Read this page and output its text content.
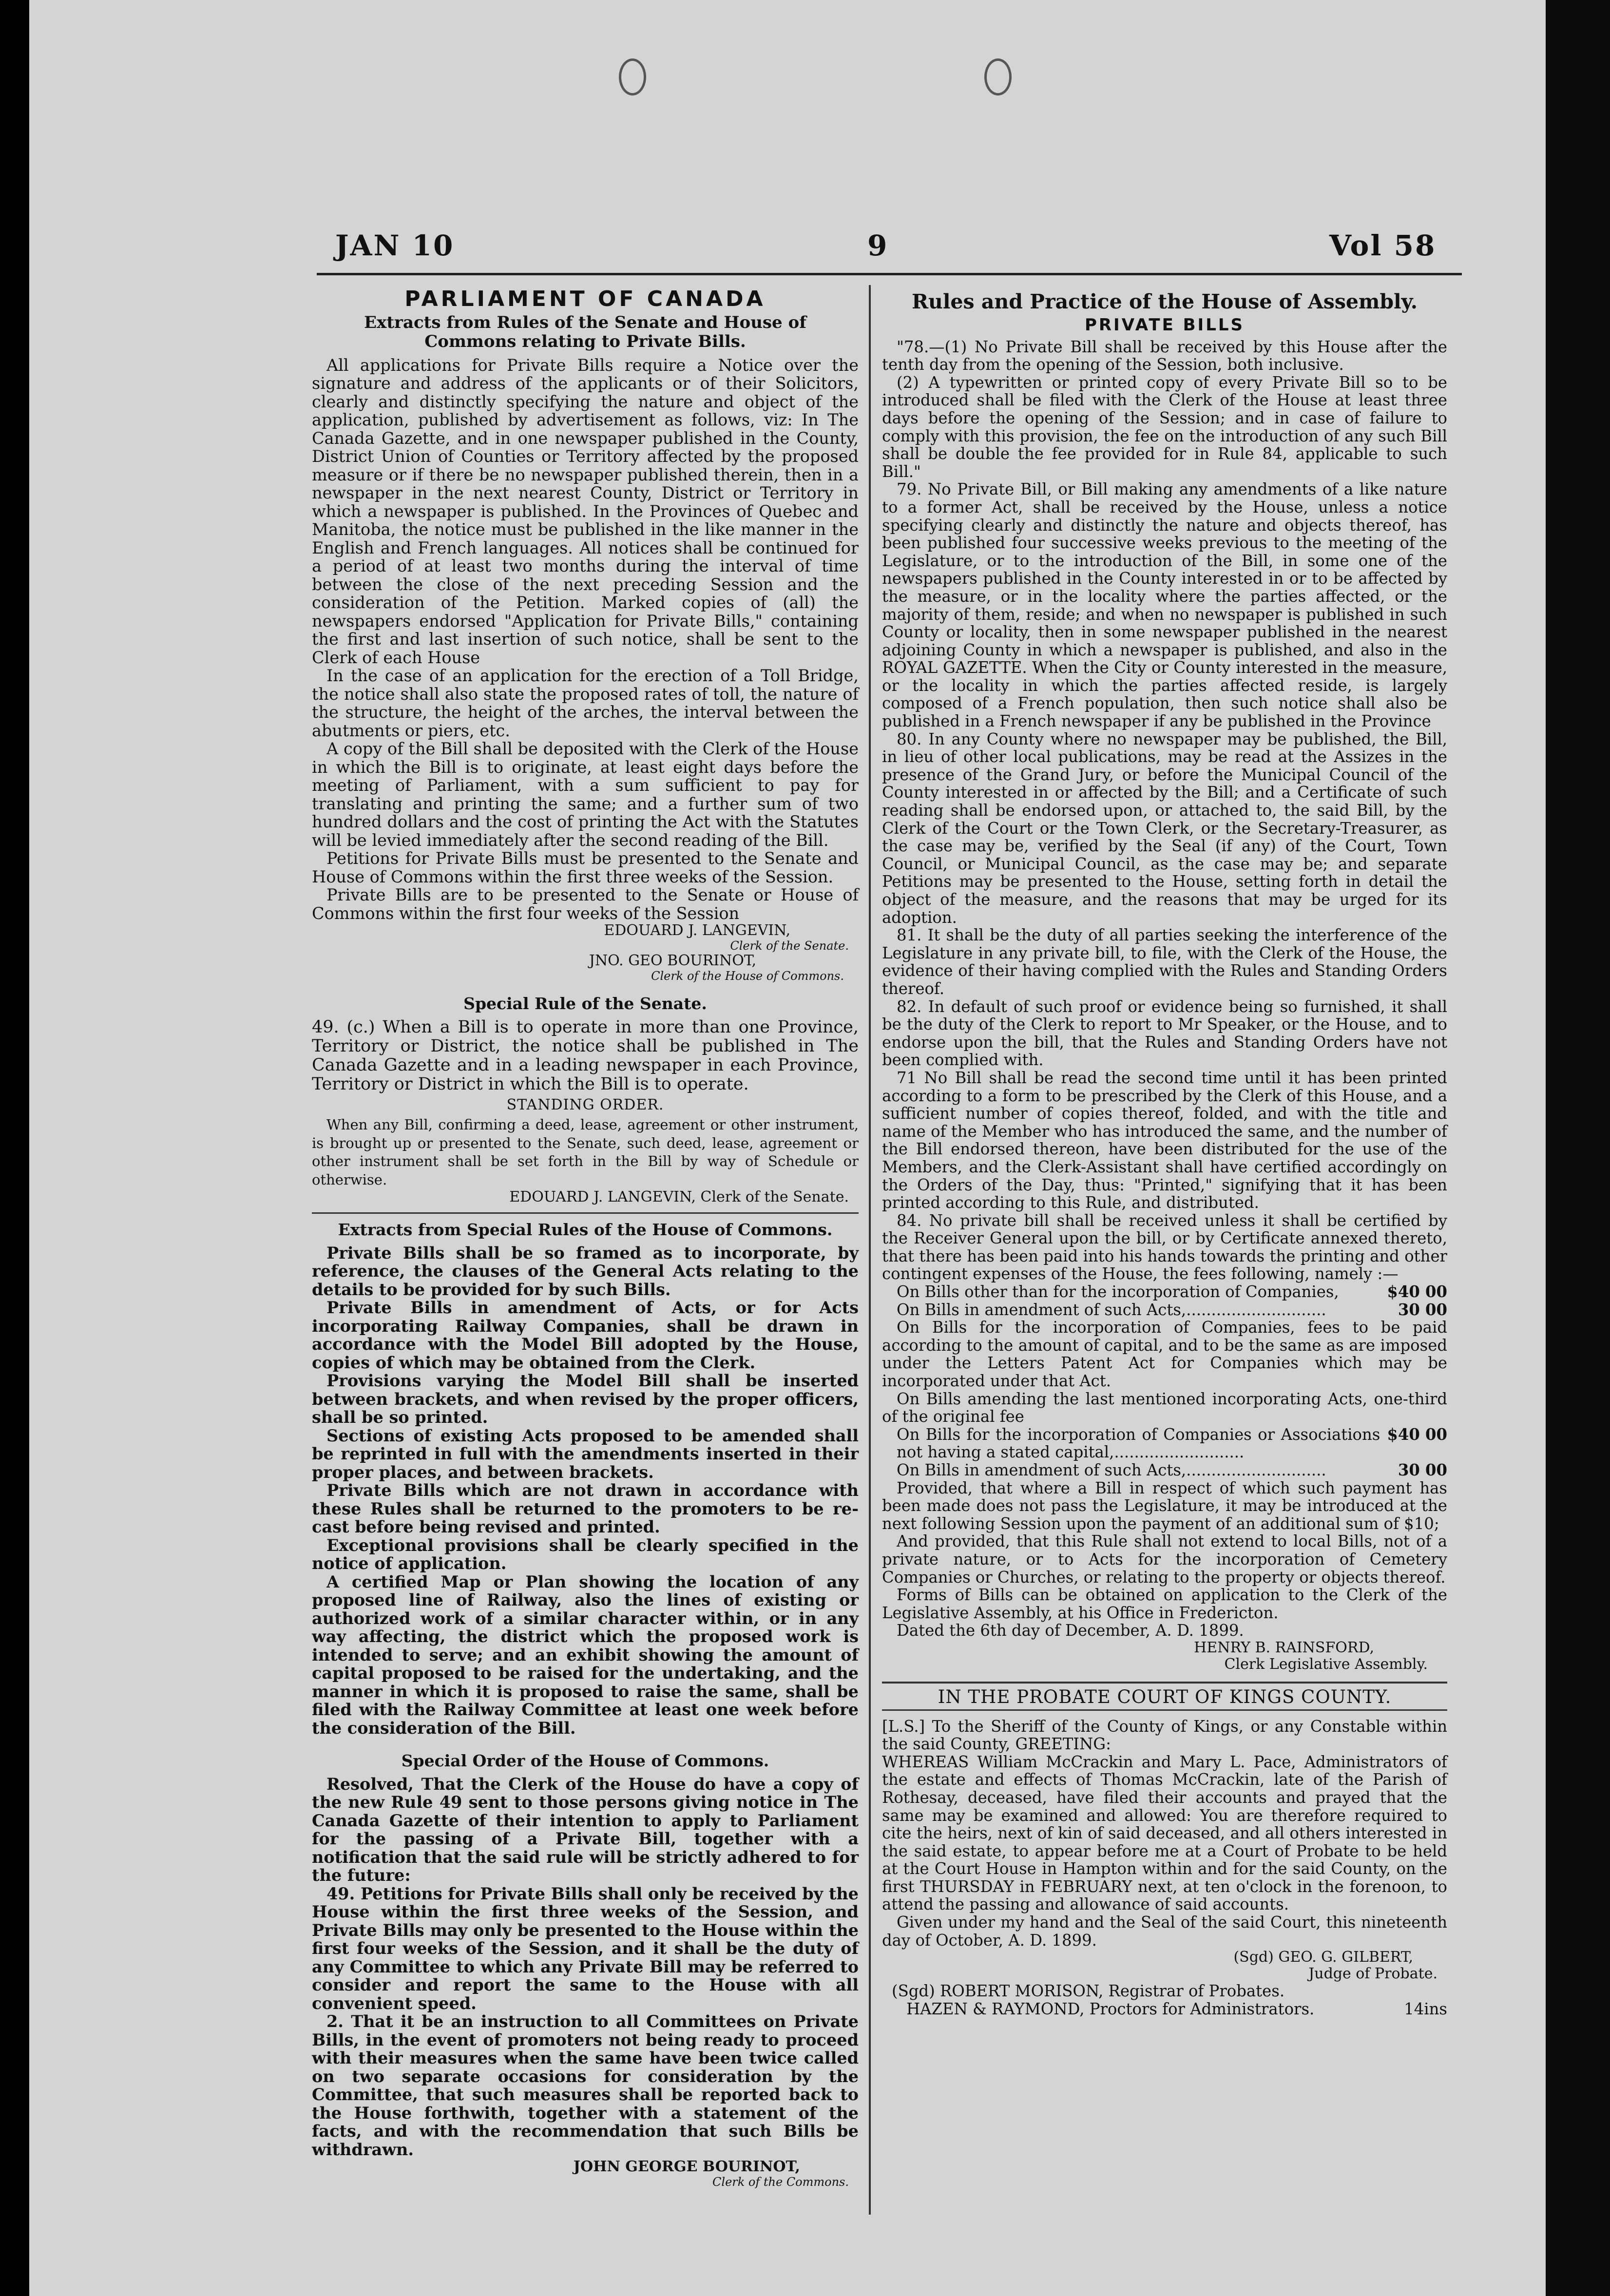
JAN 10	9	Vol 58
PARLIAMENT OF CANADA
Extracts from Rules of the Senate and House of Commons relating to Private Bills.

All applications for Private Bills require a Notice over the signature and address of the applicants or of their Solicitors, clearly and distinctly specifying the nature and object of the application, published by advertisement as follows, viz: In The Canada Gazette, and in one newspaper published in the County, District Union of Counties or Territory affected by the proposed measure or if there be no newspaper published therein, then in a newspaper in the next nearest County, District or Territory in which a newspaper is published. In the Provinces of Quebec and Manitoba, the notice must be published in the like manner in the English and French languages. All notices shall be continued for a period of at least two months during the interval of time between the close of the next preceding Session and the consideration of the Petition. Marked copies of (all) the newspapers endorsed "Application for Private Bills," containing the first and last insertion of such notice, shall be sent to the Clerk of each House

In the case of an application for the erection of a Toll Bridge, the notice shall also state the proposed rates of toll, the nature of the structure, the height of the arches, the interval between the abutments or piers, etc.

A copy of the Bill shall be deposited with the Clerk of the House in which the Bill is to originate, at least eight days before the meeting of Parliament, with a sum sufficient to pay for translating and printing the same; and a further sum of two hundred dollars and the cost of printing the Act with the Statutes will be levied immediately after the second reading of the Bill.

Petitions for Private Bills must be presented to the Senate and House of Commons within the first three weeks of the Session.

Private Bills are to be presented to the Senate or House of Commons within the first four weeks of the Session

EDOUARD J. LANGEVIN,
Clerk of the Senate.
JNO. GEO BOURINOT,
Clerk of the House of Commons.
Special Rule of the Senate.

49. (c.) When a Bill is to operate in more than one Province, Territory or District, the notice shall be published in The Canada Gazette and in a leading newspaper in each Province, Territory or District in which the Bill is to operate.

STANDING ORDER.

When any Bill, confirming a deed, lease, agreement or other instrument, is brought up or presented to the Senate, such deed, lease, agreement or other instrument shall be set forth in the Bill by way of Schedule or otherwise.

EDOUARD J. LANGEVIN, Clerk of the Senate.
Extracts from Special Rules of the House of Commons.

Private Bills shall be so framed as to incorporate, by reference, the clauses of the General Acts relating to the details to be provided for by such Bills.

Private Bills in amendment of Acts, or for Acts incorporating Railway Companies, shall be drawn in accordance with the Model Bill adopted by the House, copies of which may be obtained from the Clerk.

Provisions varying the Model Bill shall be inserted between brackets, and when revised by the proper officers, shall be so printed.

Sections of existing Acts proposed to be amended shall be reprinted in full with the amendments inserted in their proper places, and between brackets.

Private Bills which are not drawn in accordance with these Rules shall be returned to the promoters to be re-cast before being revised and printed.

Exceptional provisions shall be clearly specified in the notice of application.

A certified Map or Plan showing the location of any proposed line of Railway, also the lines of existing or authorized work of a similar character within, or in any way affecting, the district which the proposed work is intended to serve; and an exhibit showing the amount of capital proposed to be raised for the undertaking, and the manner in which it is proposed to raise the same, shall be filed with the Railway Committee at least one week before the consideration of the Bill.

Special Order of the House of Commons.

Resolved, That the Clerk of the House do have a copy of the new Rule 49 sent to those persons giving notice in The Canada Gazette of their intention to apply to Parliament for the passing of a Private Bill, together with a notification that the said rule will be strictly adhered to for the future:

49. Petitions for Private Bills shall only be received by the House within the first three weeks of the Session, and Private Bills may only be presented to the House within the first four weeks of the Session, and it shall be the duty of any Committee to which any Private Bill may be referred to consider and report the same to the House with all convenient speed.

2. That it be an instruction to all Committees on Private Bills, in the event of promoters not being ready to proceed with their measures when the same have been twice called on two separate occasions for consideration by the Committee, that such measures shall be reported back to the House forthwith, together with a statement of the facts, and with the recommendation that such Bills be withdrawn.

JOHN GEORGE BOURINOT,
Clerk of the Commons.
Rules and Practice of the House of Assembly.
PRIVATE BILLS

"78.—(1) No Private Bill shall be received by this House after the tenth day from the opening of the Session, both inclusive.

(2) A typewritten or printed copy of every Private Bill so to be introduced shall be filed with the Clerk of the House at least three days before the opening of the Session; and in case of failure to comply with this provision, the fee on the introduction of any such Bill shall be double the fee provided for in Rule 84, applicable to such Bill."

79. No Private Bill, or Bill making any amendments of a like nature to a former Act, shall be received by the House, unless a notice specifying clearly and distinctly the nature and objects thereof, has been published four successive weeks previous to the meeting of the Legislature, or to the introduction of the Bill, in some one of the newspapers published in the County interested in or to be affected by the measure, or in the locality where the parties affected, or the majority of them, reside; and when no newspaper is published in such County or locality, then in some newspaper published in the nearest adjoining County in which a newspaper is published, and also in the ROYAL GAZETTE. When the City or County interested in the measure, or the locality in which the parties affected reside, is largely composed of a French population, then such notice shall also be published in a French newspaper if any be published in the Province

80. In any County where no newspaper may be published, the Bill, in lieu of other local publications, may be read at the Assizes in the presence of the Grand Jury, or before the Municipal Council of the County interested in or affected by the Bill; and a Certificate of such reading shall be endorsed upon, or attached to, the said Bill, by the Clerk of the Court or the Town Clerk, or the Secretary-Treasurer, as the case may be, verified by the Seal (if any) of the Court, Town Council, or Municipal Council, as the case may be; and separate Petitions may be presented to the House, setting forth in detail the object of the measure, and the reasons that may be urged for its adoption.

81. It shall be the duty of all parties seeking the interference of the Legislature in any private bill, to file, with the Clerk of the House, the evidence of their having complied with the Rules and Standing Orders thereof.

82. In default of such proof or evidence being so furnished, it shall be the duty of the Clerk to report to Mr Speaker, or the House, and to endorse upon the bill, that the Rules and Standing Orders have not been complied with.

71 No Bill shall be read the second time until it has been printed according to a form to be prescribed by the Clerk of this House, and a sufficient number of copies thereof, folded, and with the title and name of the Member who has introduced the same, and the number of the Bill endorsed thereon, have been distributed for the use of the Members, and the Clerk-Assistant shall have certified accordingly on the Orders of the Day, thus: "Printed," signifying that it has been printed according to this Rule, and distributed.

84. No private bill shall be received unless it shall be certified by the Receiver General upon the bill, or by Certificate annexed thereto, that there has been paid into his hands towards the printing and other contingent expenses of the House, the fees following, namely :—

On Bills other than for the incorporation of Companies,	$40 00
On Bills in amendment of such Acts,............................	30 00

On Bills for the incorporation of Companies, fees to be paid according to the amount of capital, and to be the same as are imposed under the Letters Patent Act for Companies which may be incorporated under that Act.

On Bills amending the last mentioned incorporating Acts, one-third of the original fee

On Bills for the incorporation of Companies or Associations not having a stated capital,..........................
$40 00
On Bills in amendment of such Acts,............................	30 00

Provided, that where a Bill in respect of which such payment has been made does not pass the Legislature, it may be introduced at the next following Session upon the payment of an additional sum of $10;

And provided, that this Rule shall not extend to local Bills, not of a private nature, or to Acts for the incorporation of Cemetery Companies or Churches, or relating to the property or objects thereof.

Forms of Bills can be obtained on application to the Clerk of the Legislative Assembly, at his Office in Fredericton.

Dated the 6th day of December, A. D. 1899.

HENRY B. RAINSFORD,
Clerk Legislative Assembly.
IN THE PROBATE COURT OF KINGS COUNTY.

[L.S.] To the Sheriff of the County of Kings, or any Constable within the said County, GREETING:

WHEREAS William McCrackin and Mary L. Pace, Administrators of the estate and effects of Thomas McCrackin, late of the Parish of Rothesay, deceased, have filed their accounts and prayed that the same may be examined and allowed: You are therefore required to cite the heirs, next of kin of said deceased, and all others interested in the said estate, to appear before me at a Court of Probate to be held at the Court House in Hampton within and for the said County, on the first THURSDAY in FEBRUARY next, at ten o'clock in the forenoon, to attend the passing and allowance of said accounts.

Given under my hand and the Seal of the said Court, this nineteenth day of October, A. D. 1899.

(Sgd) GEO. G. GILBERT,
Judge of Probate.

(Sgd) ROBERT MORISON, Registrar of Probates.

HAZEN & RAYMOND, Proctors for Administrators.	14ins
